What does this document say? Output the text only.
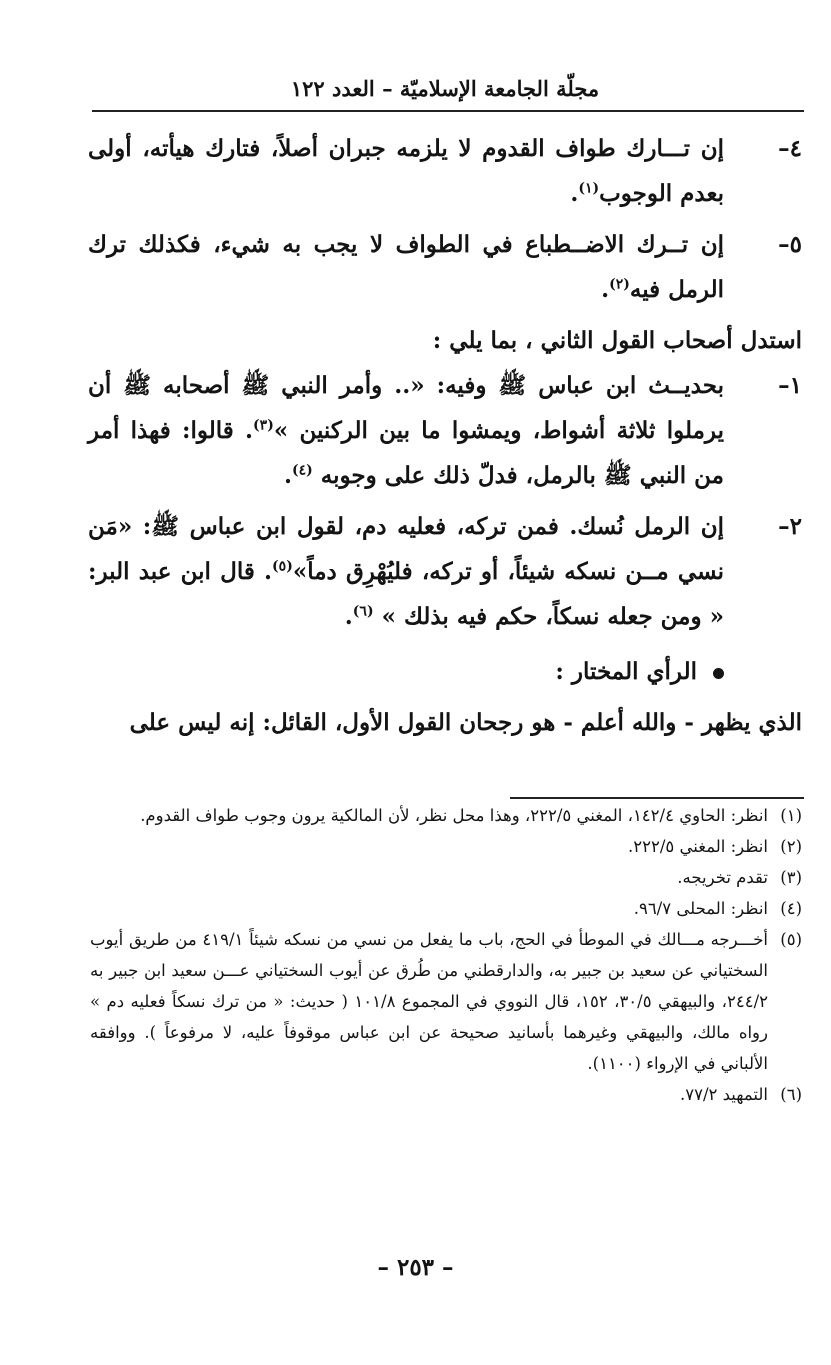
مجلّة الجامعة الإسلاميّة – العدد ١٢٢
٤–
إن تـــارك طواف القدوم لا يلزمه جبران أصلاً، فتارك هيأته، أولى بعدم الوجوب$^{(١)}$.
٥–
إن تــرك الاضــطباع في الطواف لا يجب به شيء، فكذلك ترك الرمل فيه$^{(٢)}$.
استدل أصحاب القول الثاني ، بما يلي :
١–
بحديــث ابن عباس ﷺ وفيه: «.. وأمر النبي ﷺ أصحابه ﷺ أن يرملوا ثلاثة أشواط، ويمشوا ما بين الركنين »$^{(٣)}$. قالوا: فهذا أمر من النبي ﷺ بالرمل، فدلّ ذلك على وجوبه $^{(٤)}$.
٢–
إن الرمل نُسك. فمن تركه، فعليه دم، لقول ابن عباس ﷺ: «مَن نسي مــن نسكه شيئاً، أو تركه، فليُهْرِق دماً»$^{(٥)}$. قال ابن عبد البر: « ومن جعله نسكاً، حكم فيه بذلك » $^{(٦)}$.
الرأي المختار :
الذي يظهر - والله أعلم - هو رجحان القول الأول، القائل: إنه ليس على
(١)
انظر: الحاوي ١٤٢/٤، المغني ٢٢٢/٥، وهذا محل نظر، لأن المالكية يرون وجوب طواف القدوم.
(٢)
انظر: المغني ٢٢٢/٥.
(٣)
تقدم تخريجه.
(٤)
انظر: المحلى ٩٦/٧.
(٥)
أخـــرجه مـــالك في الموطأ في الحج، باب ما يفعل من نسي من نسكه شيئاً ٤١٩/١ من طريق أيوب السختياني عن سعيد بن جبير به، والدارقطني من طُرق عن أيوب السختياني عـــن سعيد ابن جبير به ٢٤٤/٢، والبيهقي ٣٠/٥، ١٥٢، قال النووي في المجموع ١٠١/٨ ( حديث: « من ترك نسكاً فعليه دم » رواه مالك، والبيهقي وغيرهما بأسانيد صحيحة عن ابن عباس موقوفاً عليه، لا مرفوعاً ). ووافقه الألباني في الإرواء (١١٠٠).
(٦)
التمهيد ٧٧/٢.
– ٢٥٣ –
